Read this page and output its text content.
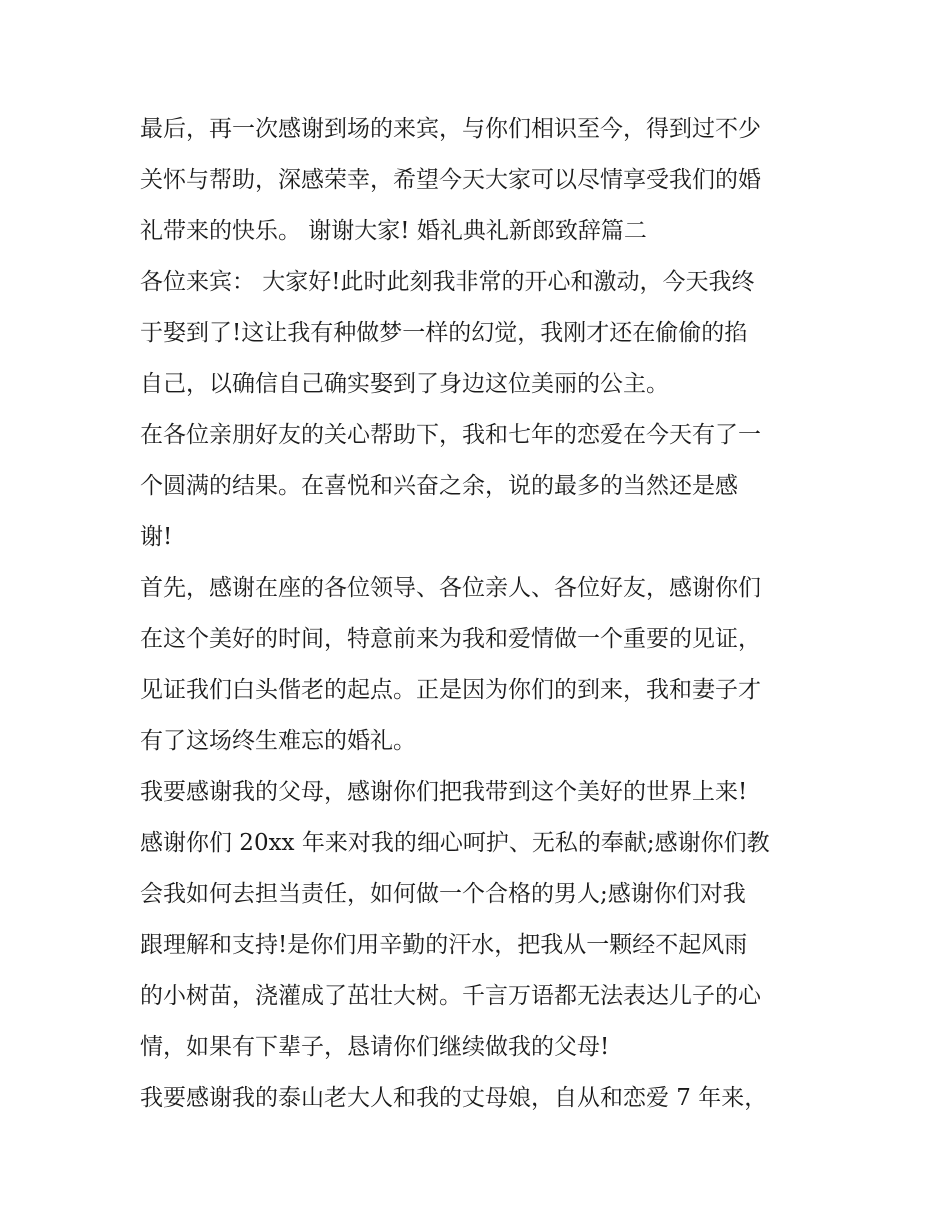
最后，再一次感谢到场的来宾，与你们相识至今，得到过不少
关怀与帮助，深感荣幸，希望今天大家可以尽情享受我们的婚
礼带来的快乐。 谢谢大家! 婚礼典礼新郎致辞篇二
各位来宾： 大家好!此时此刻我非常的开心和激动，今天我终
于娶到了!这让我有种做梦一样的幻觉，我刚才还在偷偷的掐
自己，以确信自己确实娶到了身边这位美丽的公主。
在各位亲朋好友的关心帮助下，我和七年的恋爱在今天有了一
个圆满的结果。在喜悦和兴奋之余，说的最多的当然还是感
谢!
首先，感谢在座的各位领导、各位亲人、各位好友，感谢你们
在这个美好的时间，特意前来为我和爱情做一个重要的见证，
见证我们白头偕老的起点。正是因为你们的到来，我和妻子才
有了这场终生难忘的婚礼。
我要感谢我的父母，感谢你们把我带到这个美好的世界上来!
感谢你们 20xx 年来对我的细心呵护、无私的奉献;感谢你们教
会我如何去担当责任，如何做一个合格的男人;感谢你们对我
跟理解和支持!是你们用辛勤的汗水，把我从一颗经不起风雨
的小树苗，浇灌成了茁壮大树。千言万语都无法表达儿子的心
情，如果有下辈子，恳请你们继续做我的父母!
我要感谢我的泰山老大人和我的丈母娘，自从和恋爱 7 年来，
